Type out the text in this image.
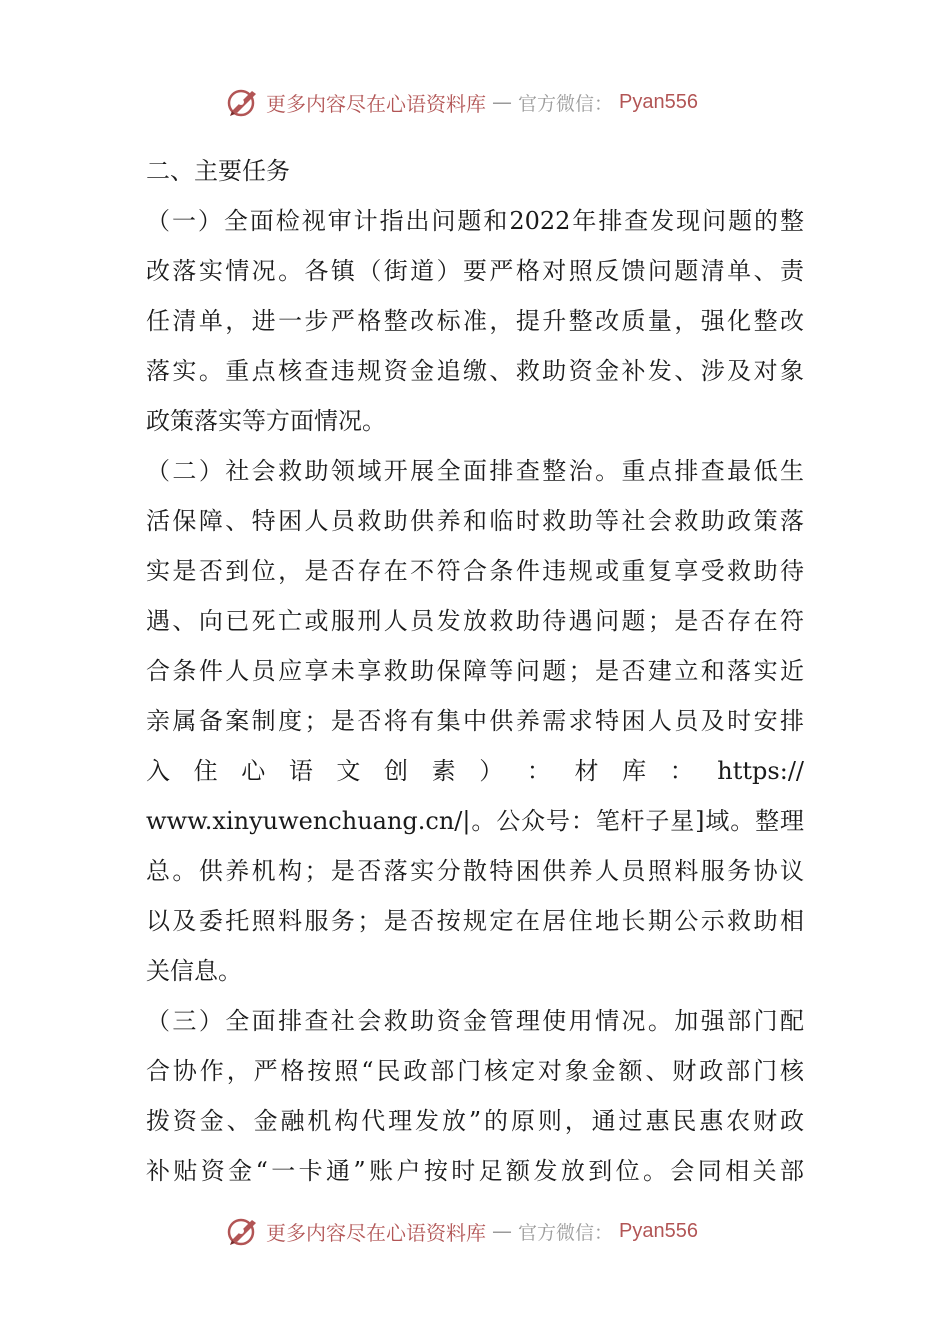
更多内容尽在心语资料库 — 官方微信： Pyan556
二、主要任务
（一）全面检视审计指出问题和2022年排查发现问题的整
改落实情况。各镇（街道）要严格对照反馈问题清单、责
任清单，进一步严格整改标准，提升整改质量，强化整改
落实。重点核查违规资金追缴、救助资金补发、涉及对象
政策落实等方面情况。
（二）社会救助领域开展全面排查整治。重点排查最低生
活保障、特困人员救助供养和临时救助等社会救助政策落
实是否到位，是否存在不符合条件违规或重复享受救助待
遇、向已死亡或服刑人员发放救助待遇问题；是否存在符
合条件人员应享未享救助保障等问题；是否建立和落实近
亲属备案制度；是否将有集中供养需求特困人员及时安排
入 住 心 语 文 创 素 ） ： 材 库 ： https://
www.xinyuwenchuang.cn/|。公众号：笔杆子星]域。整理
总。供养机构；是否落实分散特困供养人员照料服务协议
以及委托照料服务；是否按规定在居住地长期公示救助相
关信息。
（三）全面排查社会救助资金管理使用情况。加强部门配
合协作，严格按照“民政部门核定对象金额、财政部门核
拨资金、金融机构代理发放”的原则，通过惠民惠农财政
补贴资金“一卡通”账户按时足额发放到位。会同相关部
更多内容尽在心语资料库 — 官方微信： Pyan556
